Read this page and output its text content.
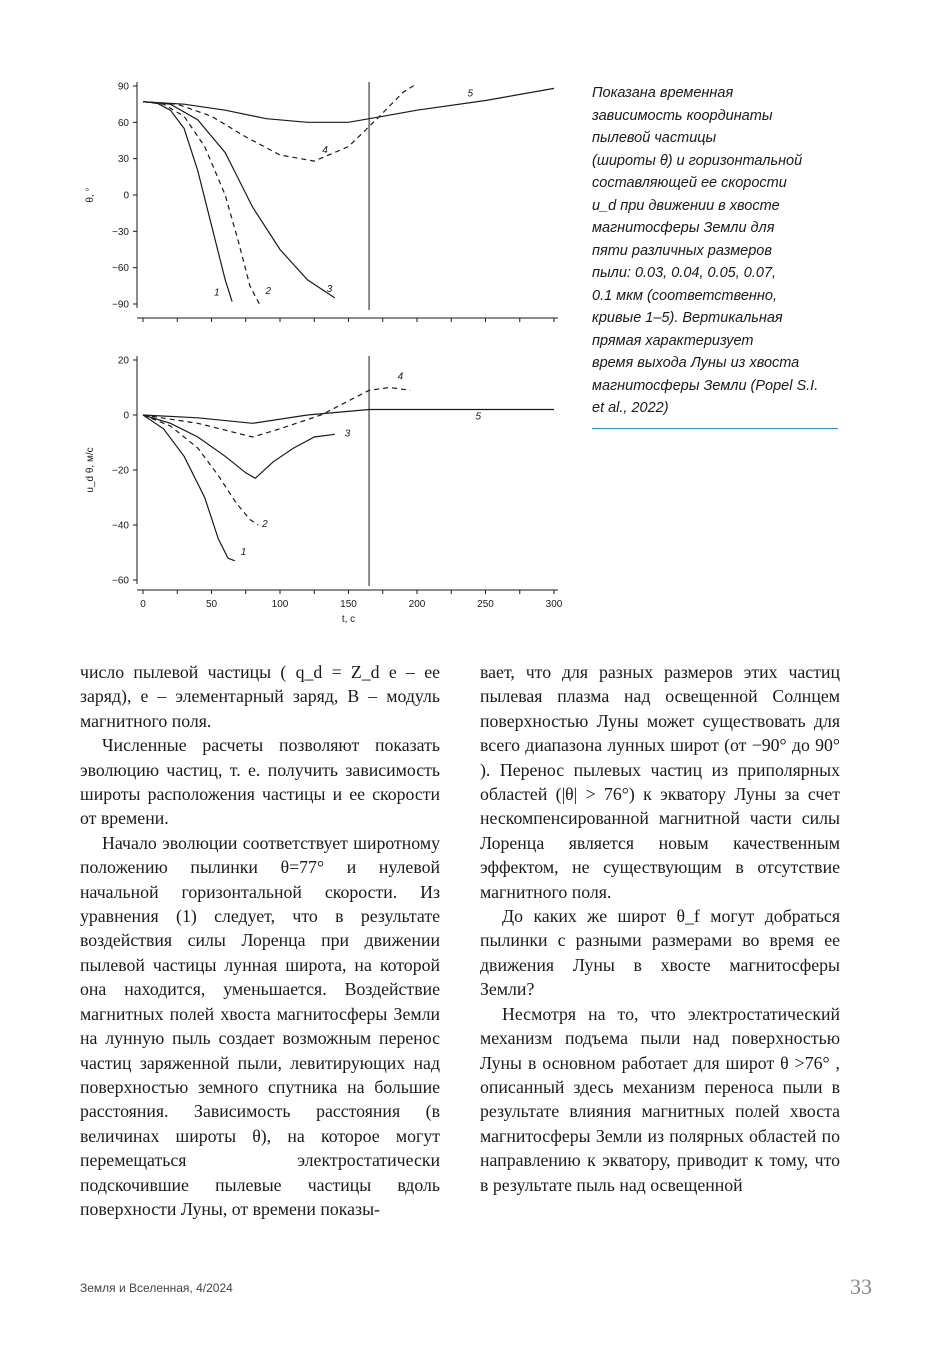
90
60
30
0
−30
−60
−90
θ, °
1	2	3
4
5
20
0
−20
−40
−60
0	50	100	150	200	250	300
u_d θ, м/с
t, с
1
2
3
4
5
Показана временная
зависимость координаты
пылевой частицы
(широты θ) и горизонтальной
составляющей ее скорости
u_d при движении в хвосте
магнитосферы Земли для
пяти различных размеров
пыли: 0.03, 0.04, 0.05, 0.07,
0.1 мкм (соответственно,
кривые 1–5). Вертикальная
прямая характеризует
время выхода Луны из хвоста
магнитосферы Земли (Popel S.I.
et al., 2022)

число пылевой частицы ( q_d = Z_d e – ее заряд), e – элементарный заряд, B – модуль магнитного поля.

Численные расчеты позволяют показать эволюцию частиц, т. е. получить зависимость широты расположения частицы и ее скорости от времени.

Начало эволюции соответствует широтному положению пылинки θ=77° и нулевой начальной горизонтальной скорости. Из уравнения (1) следует, что в результате воздействия силы Лоренца при движении пылевой частицы лунная широта, на которой она находится, уменьшается. Воздействие магнитных полей хвоста магнитосферы Земли на лунную пыль создает возможным перенос частиц заряженной пыли, левитирующих над поверхностью земного спутника на большие расстояния. Зависимость расстояния (в величинах широты θ), на которое могут перемещаться электростатически подскочившие пылевые частицы вдоль поверхности Луны, от времени показы-

вает, что для разных размеров этих частиц пылевая плазма над освещенной Солнцем поверхностью Луны может существовать для всего диапазона лунных широт (от −90° до 90° ). Перенос пылевых частиц из приполярных областей (|θ| > 76°) к экватору Луны за счет нескомпенсированной магнитной части силы Лоренца является новым качественным эффектом, не существующим в отсутствие магнитного поля.

До каких же широт θ_f могут добраться пылинки с разными размерами во время ее движения Луны в хвосте магнитосферы Земли?

Несмотря на то, что электростатический механизм подъема пыли над поверхностью Луны в основном работает для широт θ >76° , описанный здесь механизм переноса пыли в результате влияния магнитных полей хвоста магнитосферы Земли из полярных областей по направлению к экватору, приводит к тому, что в результате пыль над освещенной

Земля и Вселенная, 4/2024	33
